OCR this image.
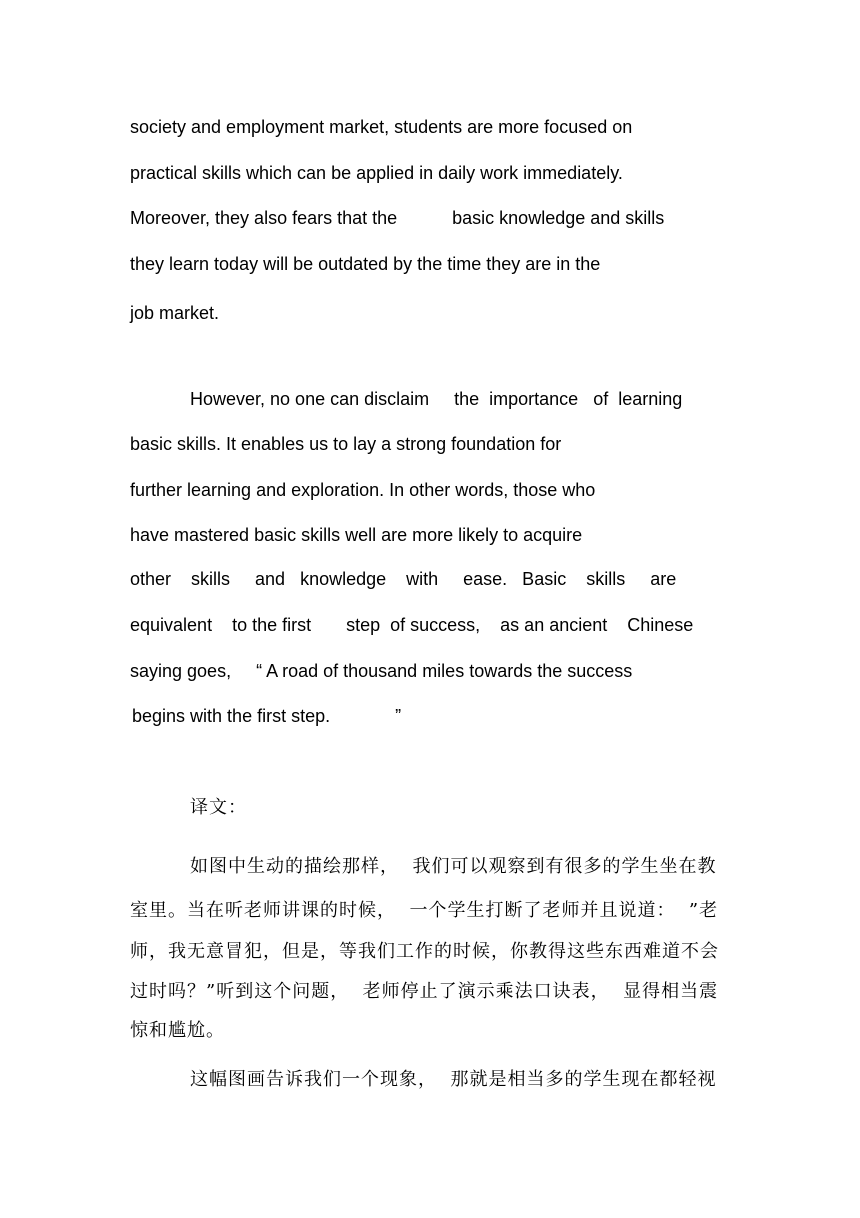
society and employment market, students are more focused on
practical skills which can be applied in daily work immediately.
Moreover, they also fears that the           basic knowledge and skills
they learn today will be outdated by the time they are in the
job market.
However, no one can disclaim     the  importance   of  learning
basic skills. It enables us to lay a strong foundation for
further learning and exploration. In other words, those who
have mastered basic skills well are more likely to acquire
other    skills     and   knowledge    with     ease.   Basic    skills     are
equivalent    to the first       step  of success,    as an ancient    Chinese
saying goes,     “ A road of thousand miles towards the success
begins with the first step.             ”
译文：
如图中生动的描绘那样，  我们可以观察到有很多的学生坐在教
室里。当在听老师讲课的时候，  一个学生打断了老师并且说道：  ”老
师，我无意冒犯，但是，等我们工作的时候，你教得这些东西难道不会
过时吗？”听到这个问题，  老师停止了演示乘法口诀表，  显得相当震
惊和尴尬。
这幅图画告诉我们一个现象，  那就是相当多的学生现在都轻视
